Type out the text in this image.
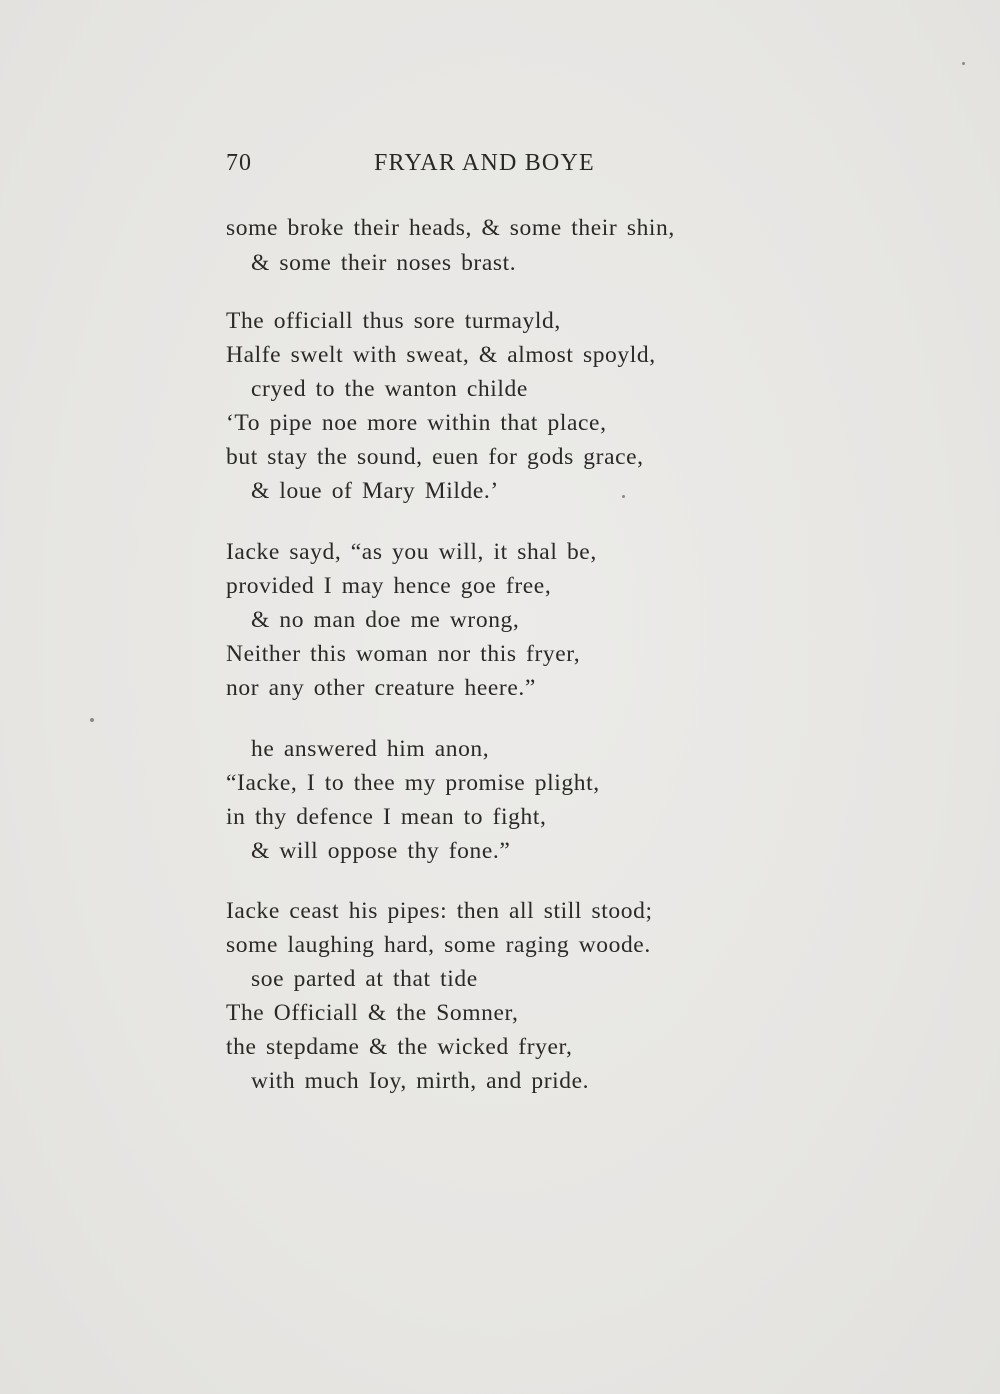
70	FRYAR AND BOYE
some broke their heads, & some their shin,
& some their noses brast.
The officiall thus sore turmayld,
Halfe swelt with sweat, & almost spoyld,
cryed to the wanton childe
‘To pipe noe more within that place,
but stay the sound, euen for gods grace,
& loue of Mary Milde.’
Iacke sayd, “as you will, it shal be,
provided I may hence goe free,
& no man doe me wrong,
Neither this woman nor this fryer,
nor any other creature heere.”
he answered him anon,
“Iacke, I to thee my promise plight,
in thy defence I mean to fight,
& will oppose thy fone.”
Iacke ceast his pipes: then all still stood;
some laughing hard, some raging woode.
soe parted at that tide
The Officiall & the Somner,
the stepdame & the wicked fryer,
with much Ioy, mirth, and pride.
